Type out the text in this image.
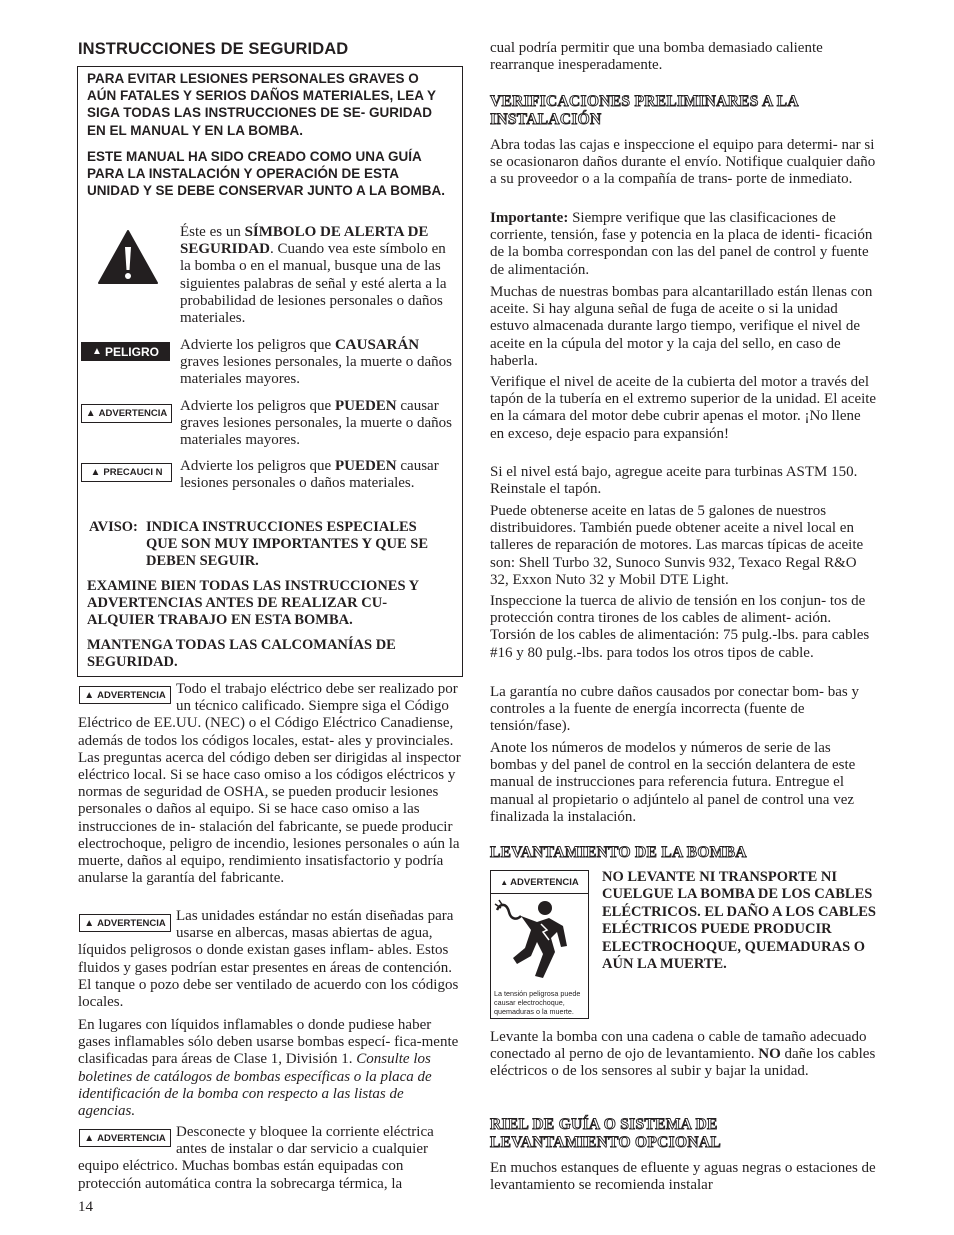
INSTRUCCIONES DE SEGURIDAD

PARA EVITAR LESIONES PERSONALES GRAVES O AÚN FATALES Y SERIOS DAÑOS MATERIALES, LEA Y SIGA TODAS LAS INSTRUCCIONES DE SE- GURIDAD EN EL MANUAL Y EN LA BOMBA.

ESTE MANUAL HA SIDO CREADO COMO UNA GUÍA PARA LA INSTALACIÓN Y OPERACIÓN DE ESTA UNIDAD Y SE DEBE CONSERVAR JUNTO A LA BOMBA.

Éste es un SÍMBOLO DE ALERTA DE SEGURIDAD. Cuando vea este símbolo en la bomba o en el manual, busque una de las siguientes palabras de señal y esté alerta a la probabilidad de lesiones personales o daños materiales.

▲ PELIGRO Advierte los peligros que CAUSARÁN graves lesiones personales, la muerte o daños materiales mayores.

▲ ADVERTENCIA Advierte los peligros que PUEDEN causar graves lesiones personales, la muerte o daños materiales mayores.

▲ PRECAUCI N Advierte los peligros que PUEDEN causar lesiones personales o daños materiales.

AVISO: INDICA INSTRUCCIONES ESPECIALES QUE SON MUY IMPORTANTES Y QUE SE DEBEN SEGUIR.

EXAMINE BIEN TODAS LAS INSTRUCCIONES Y ADVERTENCIAS ANTES DE REALIZAR CU- ALQUIER TRABAJO EN ESTA BOMBA.

MANTENGA TODAS LAS CALCOMANÍAS DE SEGURIDAD.

▲ ADVERTENCIA Todo el trabajo eléctrico debe ser realizado por un técnico calificado. Siempre siga el Código Eléctrico de EE.UU. (NEC) o el Código Eléctrico Canadiense, además de todos los códigos locales, estat- ales y provinciales. Las preguntas acerca del código deben ser dirigidas al inspector eléctrico local. Si se hace caso omiso a los códigos eléctricos y normas de seguridad de OSHA, se pueden producir lesiones personales o daños al equipo. Si se hace caso omiso a las instrucciones de in- stalación del fabricante, se puede producir electrochoque, peligro de incendio, lesiones personales o aún la muerte, daños al equipo, rendimiento insatisfactorio y podría anularse la garantía del fabricante.

▲ ADVERTENCIA Las unidades estándar no están diseñadas para usarse en albercas, masas abiertas de agua, líquidos peligrosos o donde existan gases inflam- ables. Estos fluidos y gases podrían estar presentes en áreas de contención. El tanque o pozo debe ser ventilado de acuerdo con los códigos locales.

En lugares con líquidos inflamables o donde pudiese haber gases inflamables sólo deben usarse bombas especí- fica-mente clasificadas para áreas de Clase 1, División 1. Consulte los boletines de catálogos de bombas específicas o la placa de identificación de la bomba con respecto a las listas de agencias.

▲ ADVERTENCIA Desconecte y bloquee la corriente eléctrica antes de instalar o dar servicio a cualquier equipo eléctrico. Muchas bombas están equipadas con protección automática contra la sobrecarga térmica, la

14

cual podría permitir que una bomba demasiado caliente rearranque inesperadamente.

VERIFICACIONES PRELIMINARES A LA INSTALACIÓN

Abra todas las cajas e inspeccione el equipo para determi- nar si se ocasionaron daños durante el envío. Notifique cualquier daño a su proveedor o a la compañía de trans- porte de inmediato.

Importante: Siempre verifique que las clasificaciones de corriente, tensión, fase y potencia en la placa de identi- ficación de la bomba correspondan con las del panel de control y fuente de alimentación.

Muchas de nuestras bombas para alcantarillado están llenas con aceite. Si hay alguna señal de fuga de aceite o si la unidad estuvo almacenada durante largo tiempo, verifique el nivel de aceite en la cúpula del motor y la caja del sello, en caso de haberla.

Verifique el nivel de aceite de la cubierta del motor a través del tapón de la tubería en el extremo superior de la unidad. El aceite en la cámara del motor debe cubrir apenas el motor. ¡No llene en exceso, deje espacio para expansión!

Si el nivel está bajo, agregue aceite para turbinas ASTM 150. Reinstale el tapón.

Puede obtenerse aceite en latas de 5 galones de nuestros distribuidores. También puede obtener aceite a nivel local en talleres de reparación de motores. Las marcas típicas de aceite son: Shell Turbo 32, Sunoco Sunvis 932, Texaco Regal R&O 32, Exxon Nuto 32 y Mobil DTE Light.

Inspeccione la tuerca de alivio de tensión en los conjun- tos de protección contra tirones de los cables de aliment- ación. Torsión de los cables de alimentación: 75 pulg.-lbs. para cables #16 y 80 pulg.-lbs. para todos los otros tipos de cable.

La garantía no cubre daños causados por conectar bom- bas y controles a la fuente de energía incorrecta (fuente de tensión/fase).

Anote los números de modelos y números de serie de las bombas y del panel de control en la sección delantera de este manual de instrucciones para referencia futura. Entregue el manual al propietario o adjúntelo al panel de control una vez finalizada la instalación.

LEVANTAMIENTO DE LA BOMBA

▲ ADVERTENCIA

La tensión peligrosa puede causar electrochoque, quemaduras o la muerte.

NO LEVANTE NI TRANSPORTE NI CUELGUE LA BOMBA DE LOS CABLES ELÉCTRICOS. EL DAÑO A LOS CABLES ELÉCTRICOS PUEDE PRODUCIR ELECTROCHOQUE, QUEMADURAS O AÚN LA MUERTE.

Levante la bomba con una cadena o cable de tamaño adecuado conectado al perno de ojo de levantamiento. NO dañe los cables eléctricos o de los sensores al subir y bajar la unidad.

RIEL DE GUÍA O SISTEMA DE LEVANTAMIENTO OPCIONAL

En muchos estanques de efluente y aguas negras o estaciones de levantamiento se recomienda instalar
